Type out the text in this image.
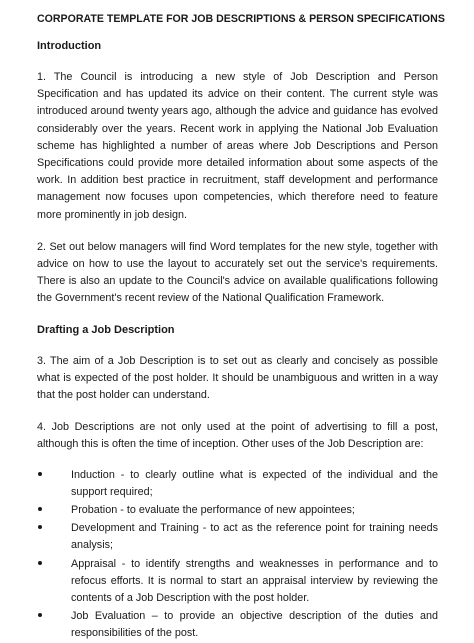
CORPORATE TEMPLATE FOR JOB DESCRIPTIONS & PERSON SPECIFICATIONS
Introduction

1. The Council is introducing a new style of Job Description and Person Specification and has updated its advice on their content. The current style was introduced around twenty years ago, although the advice and guidance has evolved considerably over the years. Recent work in applying the National Job Evaluation scheme has highlighted a number of areas where Job Descriptions and Person Specifications could provide more detailed information about some aspects of the work. In addition best practice in recruitment, staff development and performance management now focuses upon competencies, which therefore need to feature more prominently in job design.

2. Set out below managers will find Word templates for the new style, together with advice on how to use the layout to accurately set out the service's requirements. There is also an update to the Council's advice on available qualifications following the Government's recent review of the National Qualification Framework.

Drafting a Job Description

3. The aim of a Job Description is to set out as clearly and concisely as possible what is expected of the post holder. It should be unambiguous and written in a way that the post holder can understand.

4. Job Descriptions are not only used at the point of advertising to fill a post, although this is often the time of inception. Other uses of the Job Description are:

Induction - to clearly outline what is expected of the individual and the support required;
Probation - to evaluate the performance of new appointees;
Development and Training - to act as the reference point for training needs analysis;
Appraisal - to identify strengths and weaknesses in performance and to refocus efforts. It is normal to start an appraisal interview by reviewing the contents of a Job Description with the post holder.
Job Evaluation – to provide an objective description of the duties and responsibilities of the post.
